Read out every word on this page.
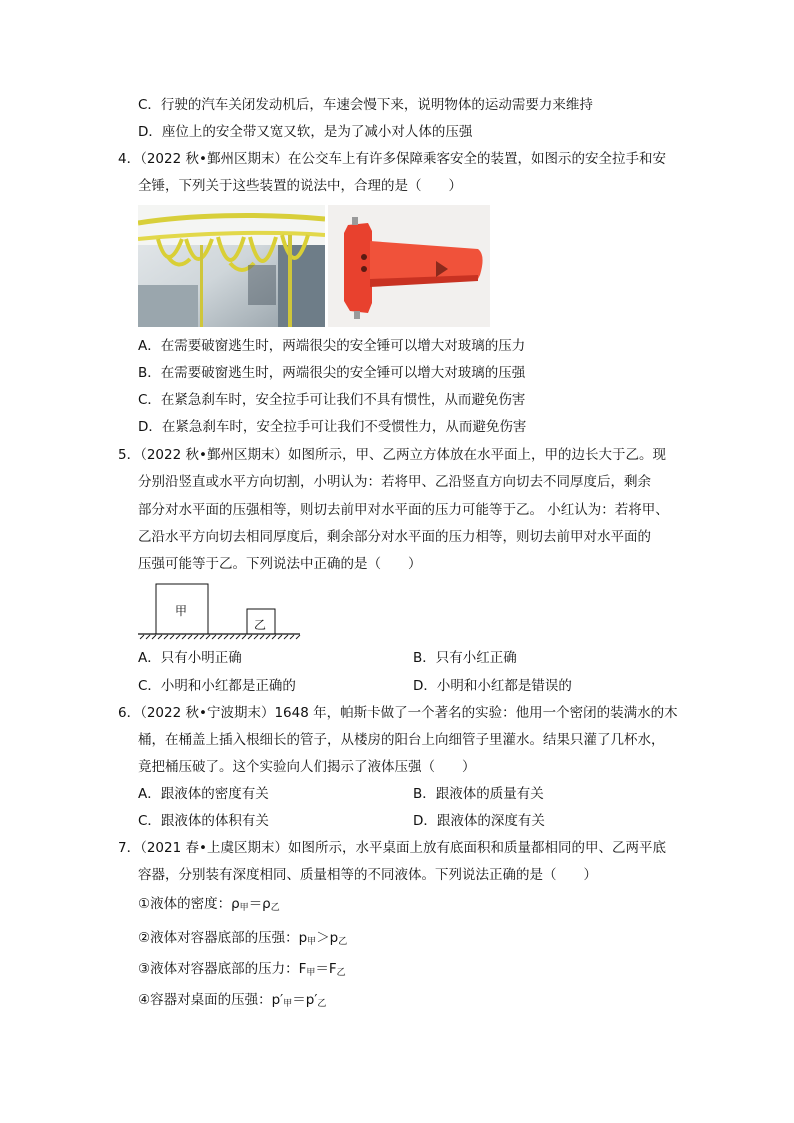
C．行驶的汽车关闭发动机后，车速会慢下来，说明物体的运动需要力来维持
D．座位上的安全带又宽又软，是为了减小对人体的压强
4．（2022 秋•鄞州区期末）在公交车上有许多保障乘客安全的装置，如图示的安全拉手和安
全锤，下列关于这些装置的说法中，合理的是（　　）
A．在需要破窗逃生时，两端很尖的安全锤可以增大对玻璃的压力
B．在需要破窗逃生时，两端很尖的安全锤可以增大对玻璃的压强
C．在紧急刹车时，安全拉手可让我们不具有惯性，从而避免伤害
D．在紧急刹车时，安全拉手可让我们不受惯性力，从而避免伤害
5．（2022 秋•鄞州区期末）如图所示，甲、乙两立方体放在水平面上，甲的边长大于乙。现
分别沿竖直或水平方向切割，小明认为：若将甲、乙沿竖直方向切去不同厚度后，剩余
部分对水平面的压强相等，则切去前甲对水平面的压力可能等于乙。 小红认为：若将甲、
乙沿水平方向切去相同厚度后，剩余部分对水平面的压力相等，则切去前甲对水平面的
压强可能等于乙。下列说法中正确的是（　　）
甲
乙
A．只有小明正确	B．只有小红正确
C．小明和小红都是正确的	D．小明和小红都是错误的
6．（2022 秋•宁波期末）1648 年，帕斯卡做了一个著名的实验：他用一个密闭的装满水的木
桶，在桶盖上插入根细长的管子，从楼房的阳台上向细管子里灌水。结果只灌了几杯水，
竟把桶压破了。这个实验向人们揭示了液体压强（　　）
A．跟液体的密度有关	B．跟液体的质量有关
C．跟液体的体积有关	D．跟液体的深度有关
7．（2021 春•上虞区期末）如图所示，水平桌面上放有底面积和质量都相同的甲、乙两平底
容器，分别装有深度相同、质量相等的不同液体。下列说法正确的是（　　）
①液体的密度：$\rho_甲=\rho_乙$
②液体对容器底部的压强：$p_甲>p_乙$
③液体对容器底部的压力：$F_甲=F_乙$
④容器对桌面的压强：$p'_甲=p'_乙$
